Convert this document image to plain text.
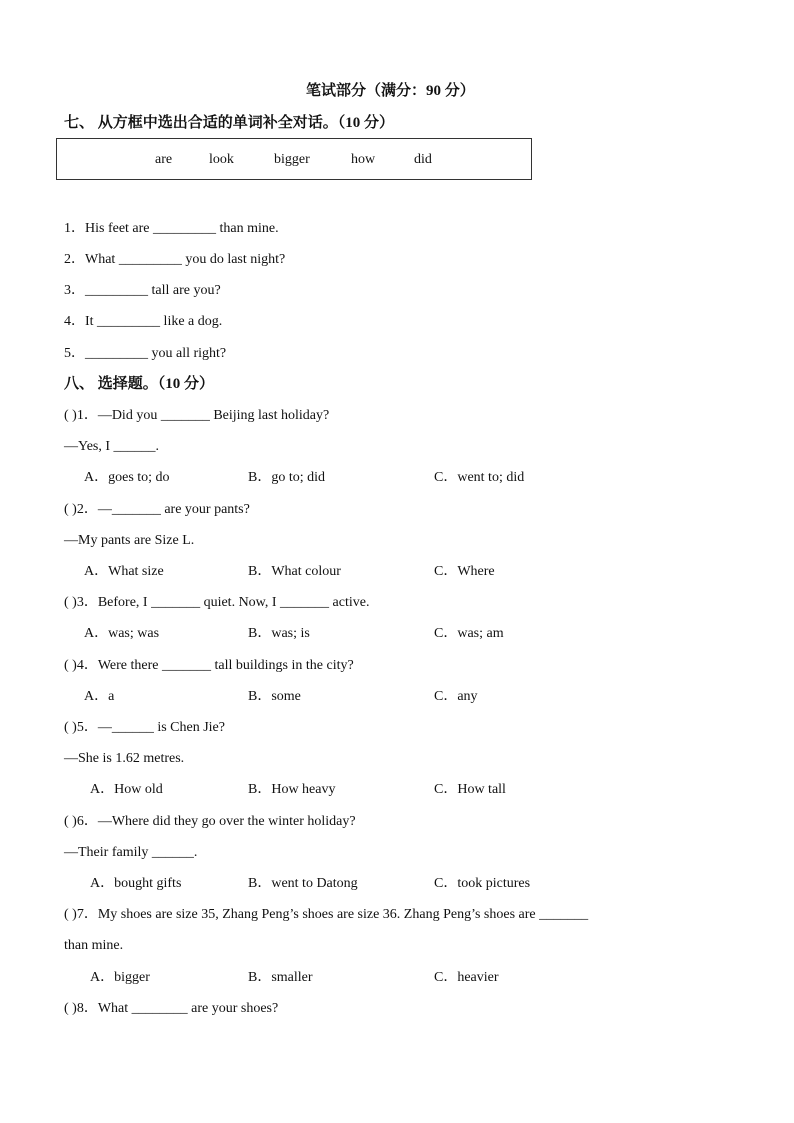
笔试部分（满分：90 分）
七、 从方框中选出合适的单词补全对话。（10 分）
are	look	bigger	how	did
1．His feet are _________ than mine.
2．What _________ you do last night?
3．_________ tall are you?
4．It _________ like a dog.
5．_________ you all right?
八、 选择题。（10 分）
( )1．—Did you _______ Beijing last holiday?
—Yes, I ______.
A．goes to; do	B．go to; did	C．went to; did
( )2．—_______ are your pants?
—My pants are Size L.
A．What size	B．What colour	C．Where
( )3．Before, I _______ quiet. Now, I _______ active.
A．was; was	B．was; is	C．was; am
( )4．Were there _______ tall buildings in the city?
A．a	B．some	C．any
( )5．—______ is Chen Jie?
—She is 1.62 metres.
A．How old	B．How heavy	C．How tall
( )6．—Where did they go over the winter holiday?
—Their family ______.
A．bought gifts	B．went to Datong	C．took pictures
( )7．My shoes are size 35, Zhang Peng’s shoes are size 36. Zhang Peng’s shoes are _______
than mine.
A．bigger	B．smaller	C．heavier
( )8．What ________ are your shoes?
